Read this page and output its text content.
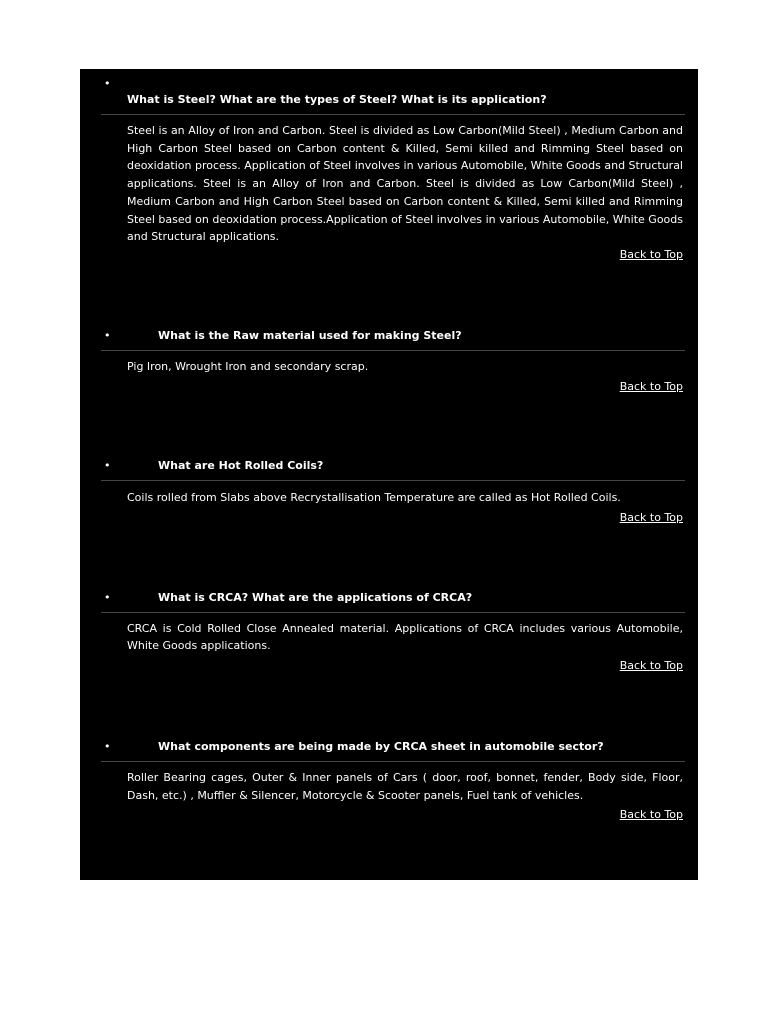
•
What is Steel? What are the types of Steel? What is its application?
Steel is an Alloy of Iron and Carbon. Steel is divided as Low Carbon(Mild Steel) , Medium Carbon and High Carbon Steel based on Carbon content & Killed, Semi killed and Rimming Steel based on deoxidation process. Application of Steel involves in various Automobile, White Goods and Structural applications. Steel is an Alloy of Iron and Carbon. Steel is divided as Low Carbon(Mild Steel) , Medium Carbon and High Carbon Steel based on Carbon content & Killed, Semi killed and Rimming Steel based on deoxidation process.Application of Steel involves in various Automobile, White Goods and Structural applications.
Back to Top
•	What is the Raw material used for making Steel?
Pig Iron, Wrought Iron and secondary scrap.
Back to Top
•	What are Hot Rolled Coils?
Coils rolled from Slabs above Recrystallisation Temperature are called as Hot Rolled Coils.
Back to Top
•	What is CRCA? What are the applications of CRCA?
CRCA is Cold Rolled Close Annealed material. Applications of CRCA includes various Automobile, White Goods applications.
Back to Top
•	What components are being made by CRCA sheet in automobile sector?
Roller Bearing cages, Outer & Inner panels of Cars ( door, roof, bonnet, fender, Body side, Floor, Dash, etc.) , Muffler & Silencer, Motorcycle & Scooter panels, Fuel tank of vehicles.
Back to Top
